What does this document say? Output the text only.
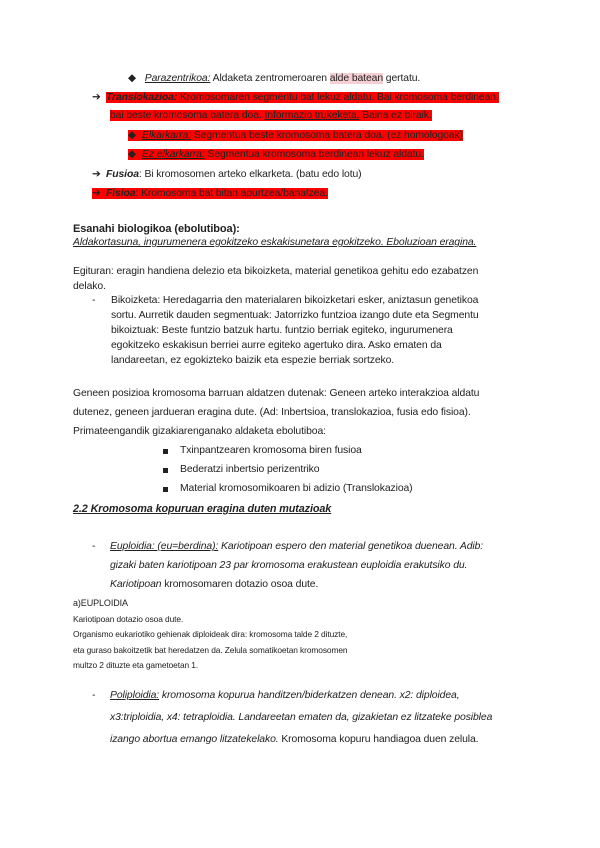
◆ Parazentrikoa: Aldaketa zentromeroaren alde batean gertatu.
➔ Translokazioa: Kromosomaren segmentu bat lekuz aldatu. Bai kromosoma berdinean,
bai beste kromosoma batera doa. Informazio trukeketa. Baina ez biraik.
◆ Elkarkarra: Segmentua beste kromosoma batera doa. (ez homologoak)
◆ Ez elkarkarra: Segmentua kromosoma berdinean lekuz aldatu.
➔ Fusioa: Bi kromosomen arteko elkarketa. (batu edo lotu)
➔ Fisioa: Kromosoma bat bitan apurtzea/banatzea.
Esanahi biologikoa (ebolutiboa):
Aldakortasuna, ingurumenera egokitzeko eskakisunetara egokitzeko. Eboluzioan eragina.
Egituran: eragin handiena delezio eta bikoizketa, material genetikoa gehitu edo ezabatzen
delako.
- Bikoizketa: Heredagarria den materialaren bikoizketari esker, aniztasun genetikoa
sortu. Aurretik dauden segmentuak: Jatorrizko funtzioa izango dute eta Segmentu
bikoiztuak: Beste funtzio batzuk hartu. funtzio berriak egiteko, ingurumenera
egokitzeko eskakisun berriei aurre egiteko agertuko dira. Asko ematen da
landareetan, ez egokizteko baizik eta espezie berriak sortzeko.
Geneen posizioa kromosoma barruan aldatzen dutenak: Geneen arteko interakzioa aldatu
dutenez, geneen jardueran eragina dute. (Ad: Inbertsioa, translokazioa, fusia edo fisioa).
Primateengandik gizakiarenganako aldaketa ebolutiboa:
Txinpantzearen kromosoma biren fusioa
Bederatzi inbertsio perizentriko
Material kromosomikoaren bi adizio (Translokazioa)
2.2 Kromosoma kopuruan eragina duten mutazioak
- Euploidia: (eu=berdina): Kariotipoan espero den material genetikoa duenean. Adib:
gizaki baten kariotipoan 23 par kromosoma erakustean euploidia erakutsiko du.
Kariotipoan kromosomaren dotazio osoa dute.
a)EUPLOIDIA
Kariotipoan dotazio osoa dute.
Organismo eukariotiko gehienak diploideak dira: kromosoma talde 2 dituzte,
eta guraso bakoitzetik bat heredatzen da. Zelula somatikoetan kromosomen
multzo 2 dituzte eta gametoetan 1.
- Poliploidia: kromosoma kopurua handitzen/biderkatzen denean. x2: diploidea,
x3:triploidia, x4: tetraploidia. Landareetan ematen da, gizakietan ez litzateke posiblea
izango abortua emango litzatekelako. Kromosoma kopuru handiagoa duen zelula.
